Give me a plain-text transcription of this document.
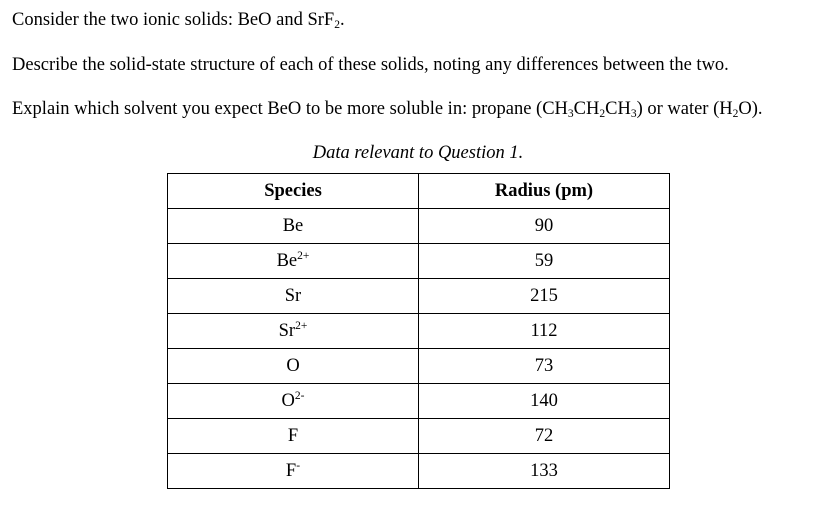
Consider the two ionic solids: BeO and SrF$_2$.

Describe the solid-state structure of each of these solids, noting any differences between the two.

Explain which solvent you expect BeO to be more soluble in: propane $(CH_3CH_2CH_3)$ or water $(H_2O)$.

Data relevant to Question 1.

Species	Radius (pm)
Be	90
$Be^{2+}$	59
Sr	215
$Sr^{2+}$	112
O	73
$O^{2-}$	140
F	72
F-	133
